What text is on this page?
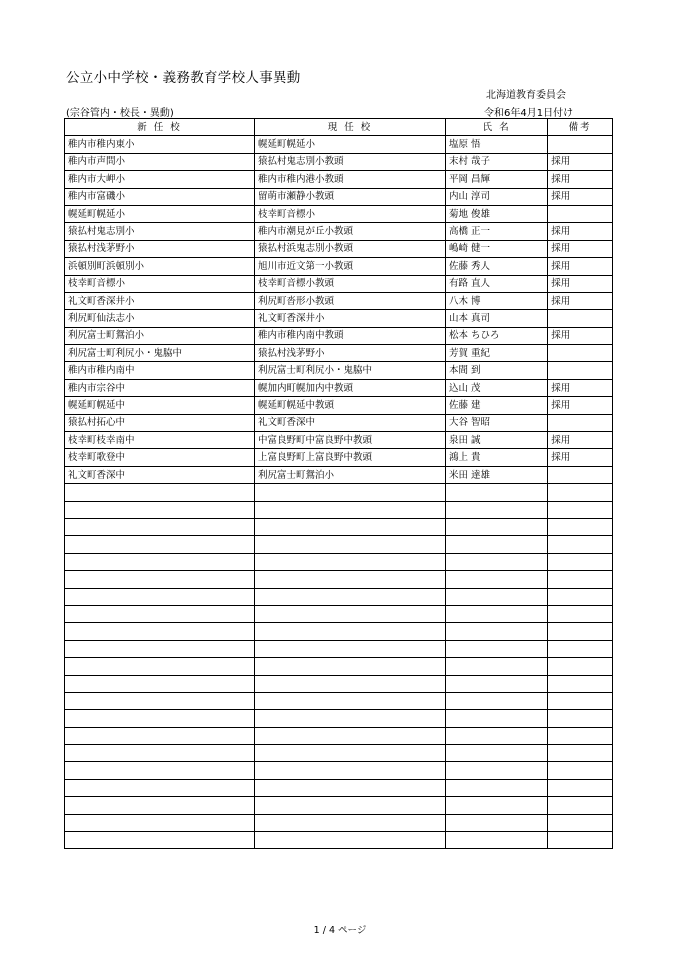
公立小中学校・義務教育学校人事異動
北海道教育委員会
(宗谷管内・校長・異動)	令和6年4月1日付け
新 任 校	現 任 校	氏 名	備考
稚内市稚内東小	幌延町幌延小	塩原 悟	
稚内市声問小	猿払村鬼志別小教頭	末村 哉子	採用
稚内市大岬小	稚内市稚内港小教頭	平岡 昌輝	採用
稚内市富磯小	留萌市瀬静小教頭	内山 淳司	採用
幌延町幌延小	枝幸町音標小	菊地 俊雄	
猿払村鬼志別小	稚内市潮見が丘小教頭	高橋 正一	採用
猿払村浅茅野小	猿払村浜鬼志別小教頭	嶋崎 健一	採用
浜頓別町浜頓別小	旭川市近文第一小教頭	佐藤 秀人	採用
枝幸町音標小	枝幸町音標小教頭	有路 直人	採用
礼文町香深井小	利尻町沓形小教頭	八木 博	採用
利尻町仙法志小	礼文町香深井小	山本 真司	
利尻富士町鴛泊小	稚内市稚内南中教頭	松本 ちひろ	採用
利尻富士町利尻小・鬼脇中	猿払村浅茅野小	芳賀 重紀	
稚内市稚内南中	利尻富士町利尻小・鬼脇中	本間 到	
稚内市宗谷中	幌加内町幌加内中教頭	込山 茂	採用
幌延町幌延中	幌延町幌延中教頭	佐藤 建	採用
猿払村拓心中	礼文町香深中	大谷 智昭	
枝幸町枝幸南中	中富良野町中富良野中教頭	泉田 誠	採用
枝幸町歌登中	上富良野町上富良野中教頭	鴻上 貴	採用
礼文町香深中	利尻富士町鴛泊小	米田 達雄	

1 / 4 ページ
